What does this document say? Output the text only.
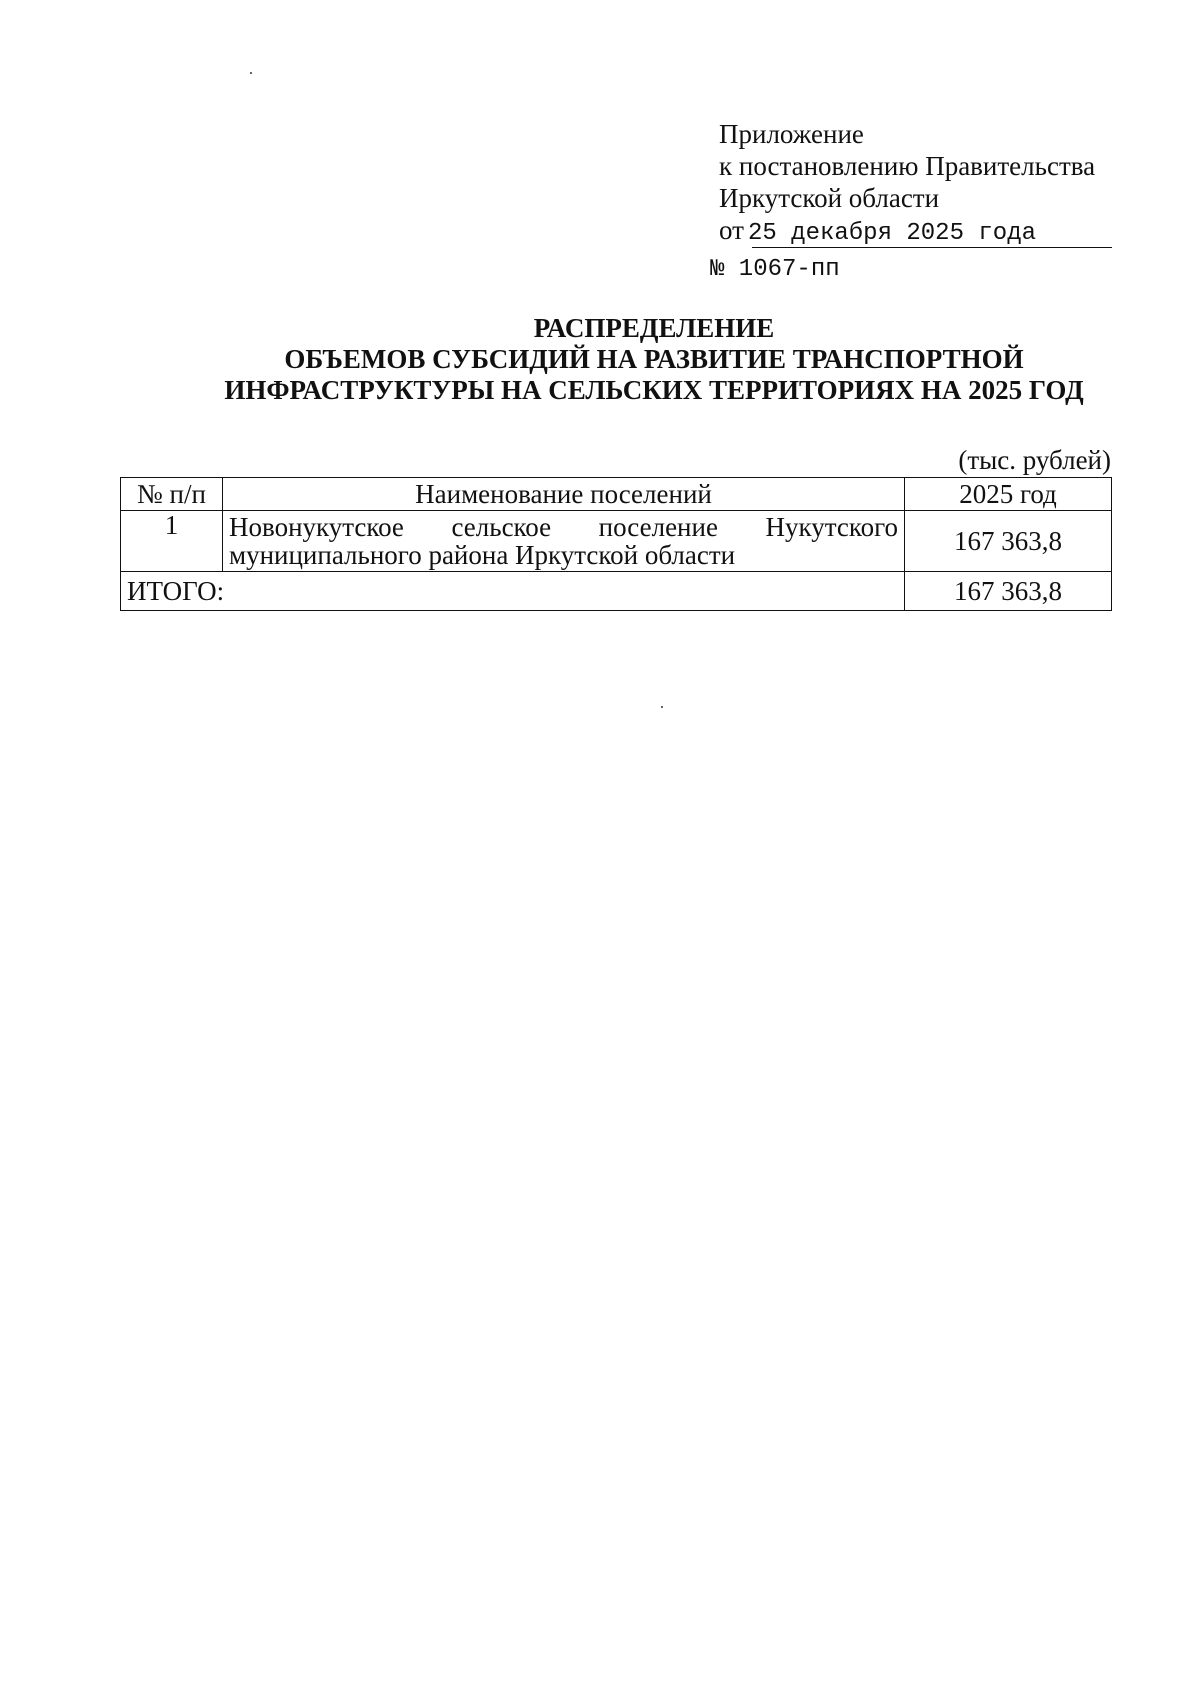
Приложение
к постановлению Правительства
Иркутской области
от 25 декабря 2025 года
№ 1067-пп
РАСПРЕДЕЛЕНИЕ
ОБЪЕМОВ СУБСИДИЙ НА РАЗВИТИЕ ТРАНСПОРТНОЙ
ИНФРАСТРУКТУРЫ НА СЕЛЬСКИХ ТЕРРИТОРИЯХ НА 2025 ГОД
(тыс. рублей)
№ п/п	Наименование поселений	2025 год
1	Новонукутское сельское поселение Нукутского муниципального района Иркутской области	167 363,8
ИТОГО:		167 363,8
